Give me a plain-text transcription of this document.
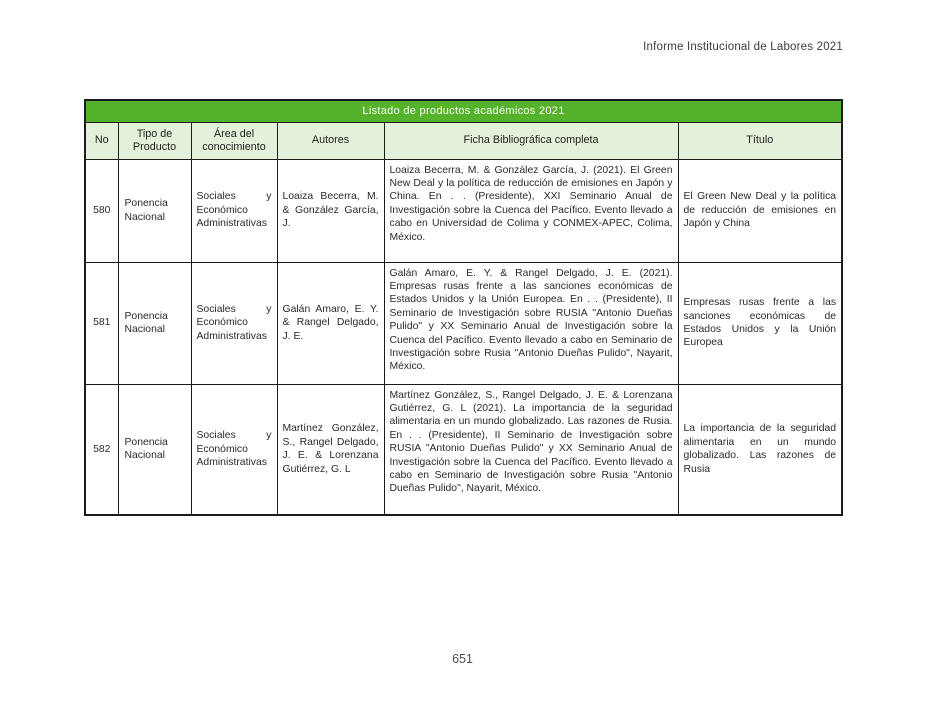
Informe Institucional de Labores 2021
Listado de productos académicos 2021					
No	Tipo de Producto	Área del conocimiento	Autores	Ficha Bibliográfica completa	Título
580	Ponencia Nacional	Sociales y Económico Administrativas	Loaiza Becerra, M. & González García, J.	Loaiza Becerra, M. & González García, J. (2021). El Green New Deal y la política de reducción de emisiones en Japón y China. En . . (Presidente), XXI Seminario Anual de Investigación sobre la Cuenca del Pacífico. Evento llevado a cabo en Universidad de Colima y CONMEX-APEC, Colima, México.	El Green New Deal y la política de reducción de emisiones en Japón y China
581	Ponencia Nacional	Sociales y Económico Administrativas	Galán Amaro, E. Y. & Rangel Delgado, J. E.	Galán Amaro, E. Y. & Rangel Delgado, J. E. (2021). Empresas rusas frente a las sanciones económicas de Estados Unidos y la Unión Europea. En . . (Presidente), II Seminario de Investigación sobre RUSIA "Antonio Dueñas Pulido" y XX Seminario Anual de Investigación sobre la Cuenca del Pacífico. Evento llevado a cabo en Seminario de Investigación sobre Rusia "Antonio Dueñas Pulido", Nayarit, México.	Empresas rusas frente a las sanciones económicas de Estados Unidos y la Unión Europea
582	Ponencia Nacional	Sociales y Económico Administrativas	Martínez González, S., Rangel Delgado, J. E. & Lorenzana Gutiérrez, G. L	Martínez González, S., Rangel Delgado, J. E. & Lorenzana Gutiérrez, G. L (2021). La importancia de la seguridad alimentaria en un mundo globalizado. Las razones de Rusia. En . . (Presidente), II Seminario de Investigación sobre RUSIA "Antonio Dueñas Pulido" y XX Seminario Anual de Investigación sobre la Cuenca del Pacífico. Evento llevado a cabo en Seminario de Investigación sobre Rusia "Antonio Dueñas Pulido", Nayarit, México.	La importancia de la seguridad alimentaria en un mundo globalizado. Las razones de Rusia
651
